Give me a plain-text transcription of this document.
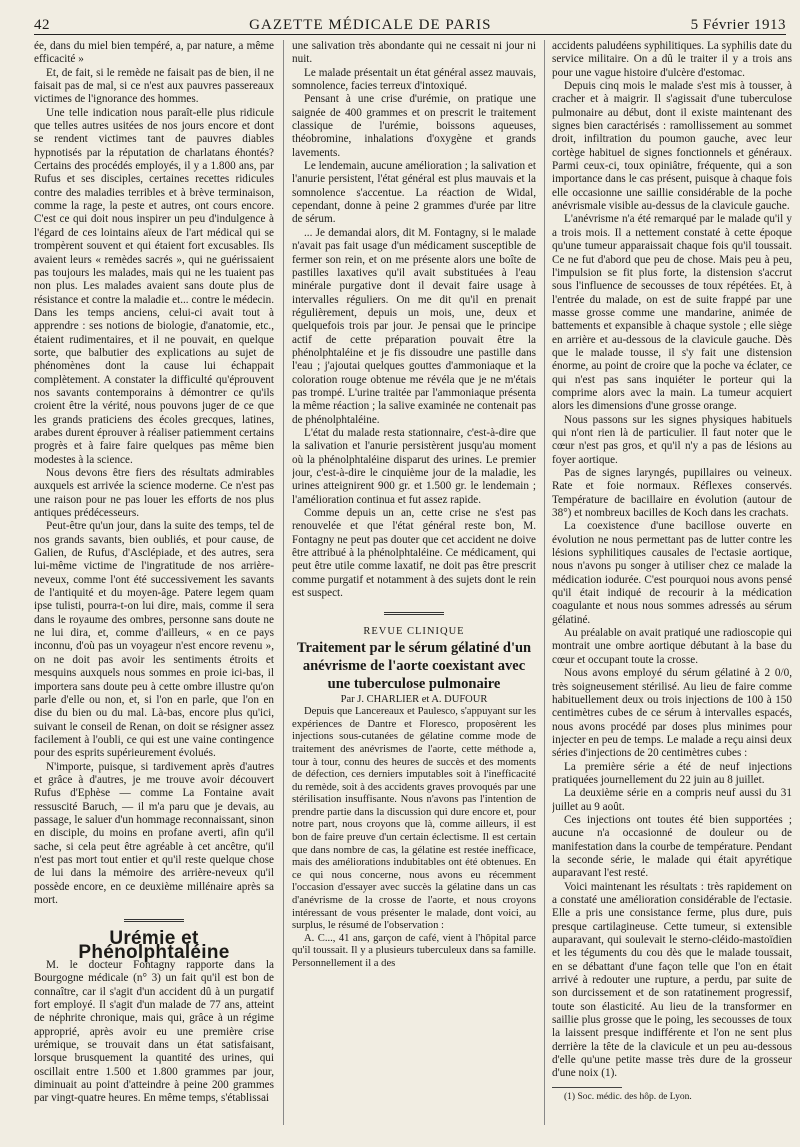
42	GAZETTE MÉDICALE DE PARIS	5 Février 1913

ée, dans du miel bien tempéré, a, par nature, a même efficacité »

Et, de fait, si le remède ne faisait pas de bien, il ne faisait pas de mal, si ce n'est aux pauvres passereaux victimes de l'ignorance des hommes.

Une telle indication nous paraît-elle plus ridicule que telles autres usitées de nos jours encore et dont se rendent victimes tant de pauvres diables hypnotisés par la réputation de charlatans éhontés? Certains des procédés employés, il y a 1.800 ans, par Rufus et ses disciples, certaines recettes ridicules contre des maladies terribles et à brève terminaison, comme la rage, la peste et autres, ont cours encore. C'est ce qui doit nous inspirer un peu d'indulgence à l'égard de ces lointains aïeux de l'art médical qui se trompèrent souvent et qui étaient fort excusables. Ils avaient leurs « remèdes sacrés », qui ne guérissaient pas toujours les malades, mais qui ne les tuaient pas non plus. Les malades avaient sans doute plus de résistance et contre la maladie et... contre le médecin. Dans les temps anciens, celui-ci avait tout à apprendre : ses notions de biologie, d'anatomie, etc., étaient rudimentaires, et il ne pouvait, en quelque sorte, que balbutier des explications au sujet de phénomènes dont la cause lui échappait complètement. A constater la difficulté qu'éprouvent nos savants contemporains à démontrer ce qu'ils croient être la vérité, nous pouvons juger de ce que les grands praticiens des écoles grecques, latines, arabes durent éprouver à réaliser patiemment certains progrès et à faire faire quelques pas même bien modestes à la science.

Nous devons être fiers des résultats admirables auxquels est arrivée la science moderne. Ce n'est pas une raison pour ne pas louer les efforts de nos plus antiques prédécesseurs.

Peut-être qu'un jour, dans la suite des temps, tel de nos grands savants, bien oubliés, et pour cause, de Galien, de Rufus, d'Asclépiade, et des autres, sera lui-même victime de l'ingratitude de nos arrière-neveux, comme l'ont été successivement les savants de l'antiquité et du moyen-âge. Patere legem quam ipse tulisti, pourra-t-on lui dire, mais, comme il sera dans le royaume des ombres, personne sans doute ne ne lui dira, et, comme d'ailleurs, « en ce pays inconnu, d'où pas un voyageur n'est encore revenu », on ne doit pas avoir les sentiments étroits et mesquins auxquels nous sommes en proie ici-bas, il importera sans doute peu à cette ombre illustre qu'on parle d'elle ou non, et, si l'on en parle, que l'on en dise du bien ou du mal. Là-bas, encore plus qu'ici, suivant le conseil de Renan, on doit se résigner assez facilement à l'oubli, ce qui est une vaine contingence pour des esprits supérieurement évolués.

N'importe, puisque, si tardivement après d'autres et grâce à d'autres, je me trouve avoir découvert Rufus d'Ephèse — comme La Fontaine avait ressuscité Baruch, — il m'a paru que je devais, au passage, le saluer d'un hommage reconnaissant, sinon en disciple, du moins en profane averti, afin qu'il sache, si cela peut être agréable à cet ancêtre, qu'il n'est pas mort tout entier et qu'il reste quelque chose de lui dans la mémoire des arrière-neveux qu'il possède encore, en ce deuxième millénaire après sa mort.

Urémie et Phénolphtaléine

M. le docteur Fontagny rapporte dans la Bourgogne médicale (n° 3) un fait qu'il est bon de connaître, car il s'agit d'un accident dû à un purgatif fort employé. Il s'agit d'un malade de 77 ans, atteint de néphrite chronique, mais qui, grâce à un régime approprié, après avoir eu une première crise urémique, se trouvait dans un état satisfaisant, lorsque brusquement la quantité des urines, qui oscillait entre 1.500 et 1.800 grammes par jour, diminuait au point d'atteindre à peine 200 grammes par vingt-quatre heures. En même temps, s'établissai

une salivation très abondante qui ne cessait ni jour ni nuit.

Le malade présentait un état général assez mauvais, somnolence, facies terreux d'intoxiqué.

Pensant à une crise d'urémie, on pratique une saignée de 400 grammes et on prescrit le traitement classique de l'urémie, boissons aqueuses, théobromine, inhalations d'oxygène et grands lavements.

Le lendemain, aucune amélioration ; la salivation et l'anurie persistent, l'état général est plus mauvais et la somnolence s'accentue. La réaction de Widal, cependant, donne à peine 2 grammes d'urée par litre de sérum.

... Je demandai alors, dit M. Fontagny, si le malade n'avait pas fait usage d'un médicament susceptible de fermer son rein, et on me présente alors une boîte de pastilles laxatives qu'il avait substituées à l'eau minérale purgative dont il devait faire usage à intervalles réguliers. On me dit qu'il en prenait régulièrement, depuis un mois, une, deux et quelquefois trois par jour. Je pensai que le principe actif de cette préparation pouvait être la phénolphtaléine et je fis dissoudre une pastille dans l'eau ; j'ajoutai quelques gouttes d'ammoniaque et la coloration rouge obtenue me révéla que je ne m'étais pas trompé. L'urine traitée par l'ammoniaque présenta la même réaction ; la salive examinée ne contenait pas de phénolphtaléine.

L'état du malade resta stationnaire, c'est-à-dire que la salivation et l'anurie persistèrent jusqu'au moment où la phénolphtaléine disparut des urines. Le premier jour, c'est-à-dire le cinquième jour de la maladie, les urines atteignirent 900 gr. et 1.500 gr. le lendemain ; l'amélioration continua et fut assez rapide.

Comme depuis un an, cette crise ne s'est pas renouvelée et que l'état général reste bon, M. Fontagny ne peut pas douter que cet accident ne doive être attribué à la phénolphtaléine. Ce médicament, qui peut être utile comme laxatif, ne doit pas être prescrit comme purgatif et notamment à des sujets dont le rein est suspect.

REVUE CLINIQUE

Traitement par le sérum gélatiné d'un anévrisme de l'aorte coexistant avec une tuberculose pulmonaire

Par J. CHARLIER et A. DUFOUR

Depuis que Lancereaux et Paulesco, s'appuyant sur les expériences de Dantre et Floresco, proposèrent les injections sous-cutanées de gélatine comme mode de traitement des anévrismes de l'aorte, cette méthode a, tour à tour, connu des heures de succès et des moments de défection, ces derniers imputables soit à l'inefficacité du remède, soit à des accidents graves provoqués par une stérilisation insuffisante. Nous n'avons pas l'intention de prendre partie dans la discussion qui dure encore et, pour notre part, nous croyons que là, comme ailleurs, il est bon de faire preuve d'un certain éclectisme. Il est certain que dans nombre de cas, la gélatine est restée inefficace, mais des améliorations indubitables ont été obtenues. En ce qui nous concerne, nous avons eu récemment l'occasion d'essayer avec succès la gélatine dans un cas d'anévrisme de la crosse de l'aorte, et nous croyons intéressant de vous présenter le malade, dont voici, au surplus, le résumé de l'observation :

A. C..., 41 ans, garçon de café, vient à l'hôpital parce qu'il toussait. Il y a plusieurs tuberculeux dans sa famille. Personnellement il a des

accidents paludéens syphilitiques. La syphilis date du service militaire. On a dû le traiter il y a trois ans pour une vague histoire d'ulcère d'estomac.

Depuis cinq mois le malade s'est mis à tousser, à cracher et à maigrir. Il s'agissait d'une tuberculose pulmonaire au début, dont il existe maintenant des signes bien caractérisés : ramollissement au sommet droit, infiltration du poumon gauche, avec leur cortège habituel de signes fonctionnels et généraux. Parmi ceux-ci, toux opiniâtre, fréquente, qui a son importance dans le cas présent, puisque à chaque fois elle occasionne une saillie considérable de la poche anévrismale visible au-dessus de la clavicule gauche.

L'anévrisme n'a été remarqué par le malade qu'il y a trois mois. Il a nettement constaté à cette époque qu'une tumeur apparaissait chaque fois qu'il toussait. Ce ne fut d'abord que peu de chose. Mais peu à peu, l'impulsion se fit plus forte, la distension s'accrut sous l'influence de secousses de toux répétées. Et, à l'entrée du malade, on est de suite frappé par une masse grosse comme une mandarine, animée de battements et expansible à chaque systole ; elle siège en arrière et au-dessous de la clavicule gauche. Dès que le malade tousse, il s'y fait une distension énorme, au point de croire que la poche va éclater, ce qui n'est pas sans inquiéter le porteur qui la comprime alors avec la main. La tumeur acquiert alors les dimensions d'une grosse orange.

Nous passons sur les signes physiques habituels qui n'ont rien là de particulier. Il faut noter que le cœur n'est pas gros, et qu'il n'y a pas de lésions au foyer aortique.

Pas de signes laryngés, pupillaires ou veineux. Rate et foie normaux. Réflexes conservés. Température de bacillaire en évolution (autour de 38°) et nombreux bacilles de Koch dans les crachats.

La coexistence d'une bacillose ouverte en évolution ne nous permettant pas de lutter contre les lésions syphilitiques causales de l'ectasie aortique, nous n'avons pu songer à utiliser chez ce malade la médication iodurée. C'est pourquoi nous avons pensé qu'il était indiqué de recourir à la médication coagulante et nous nous sommes adressés au sérum gélatiné.

Au préalable on avait pratiqué une radioscopie qui montrait une ombre aortique débutant à la base du cœur et occupant toute la crosse.

Nous avons employé du sérum gélatiné à 2 0/0, très soigneusement stérilisé. Au lieu de faire comme habituellement deux ou trois injections de 100 à 150 centimètres cubes de ce sérum à intervalles espacés, nous avons procédé par doses plus minimes pour injecter en peu de temps. Le malade a reçu ainsi deux séries d'injections de 20 centimètres cubes :

La première série a été de neuf injections pratiquées journellement du 22 juin au 8 juillet.

La deuxième série en a compris neuf aussi du 31 juillet au 9 août.

Ces injections ont toutes été bien supportées ; aucune n'a occasionné de douleur ou de manifestation dans la courbe de température. Pendant la seconde série, le malade qui était apyrétique auparavant l'est resté.

Voici maintenant les résultats : très rapidement on a constaté une amélioration considérable de l'ectasie. Elle a pris une consistance ferme, plus dure, puis presque cartilagineuse. Cette tumeur, si extensible auparavant, qui soulevait le sterno-cléido-mastoïdien et les téguments du cou dès que le malade toussait, en se débattant d'une façon telle que l'on en était arrivé à redouter une rupture, a perdu, par suite de son durcissement et de son ratatinement progressif, toute son élasticité. Au lieu de la transformer en saillie plus grosse que le poing, les secousses de toux la laissent presque indifférente et l'on ne sent plus derrière la tête de la clavicule et un peu au-dessous d'elle qu'une petite masse très dure de la grosseur d'une noix (1).

(1) Soc. médic. des hôp. de Lyon.
